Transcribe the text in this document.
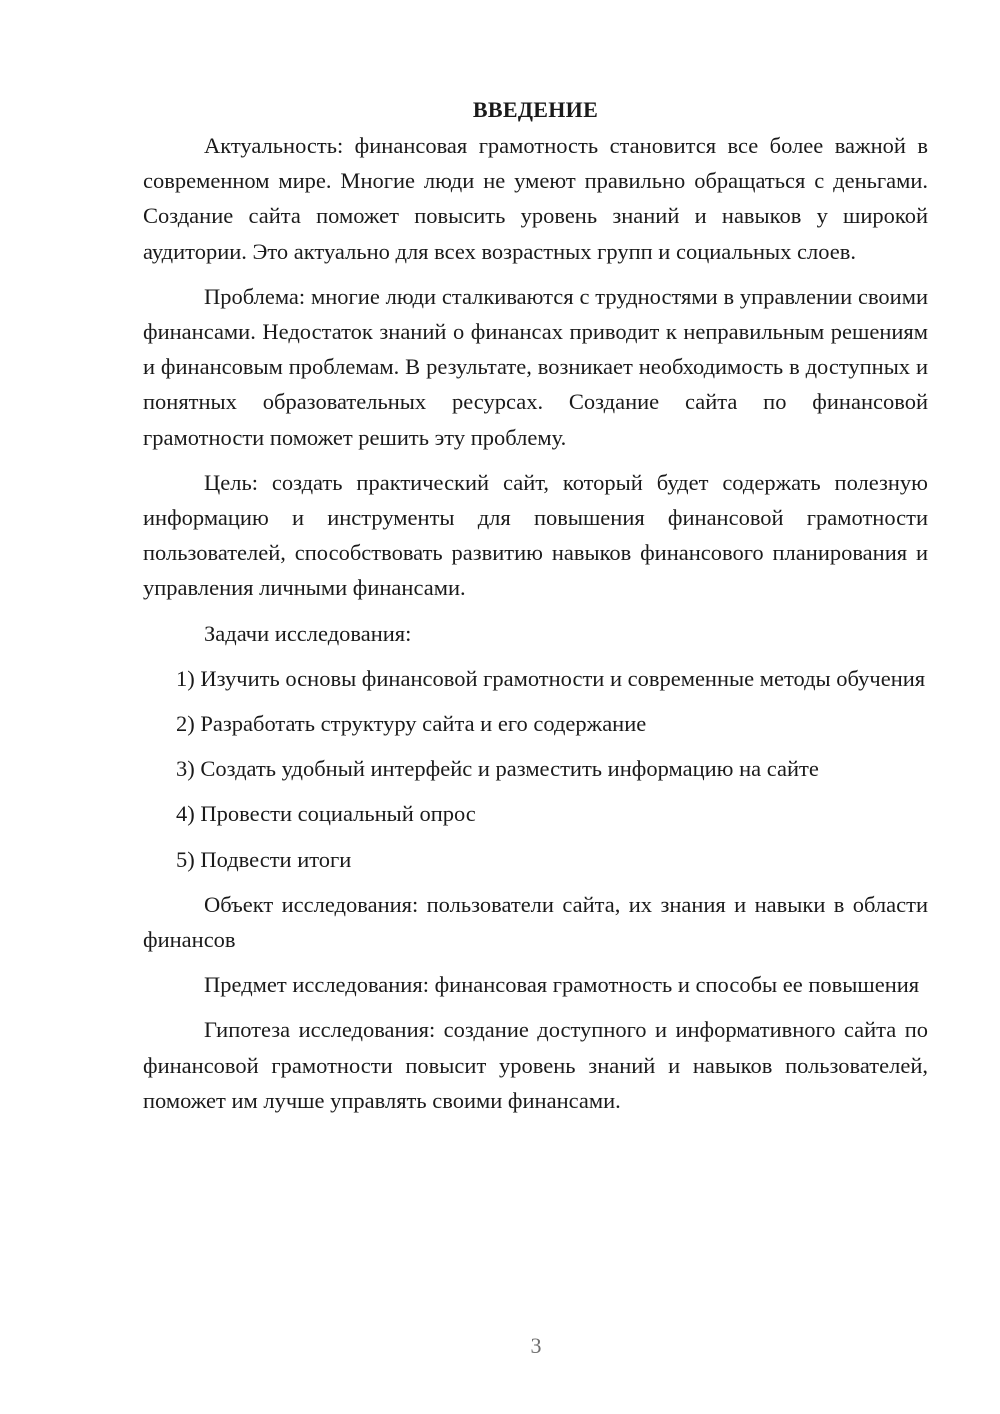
ВВЕДЕНИЕ

Актуальность: финансовая грамотность становится все более важной в современном мире. Многие люди не умеют правильно обращаться с деньгами. Создание сайта поможет повысить уровень знаний и навыков у широкой аудитории. Это актуально для всех возрастных групп и социальных слоев.

Проблема: многие люди сталкиваются с трудностями в управлении своими финансами. Недостаток знаний о финансах приводит к неправильным решениям и финансовым проблемам. В результате, возникает необходимость в доступных и понятных образовательных ресурсах. Создание сайта по финансовой грамотности поможет решить эту проблему.

Цель: создать практический сайт, который будет содержать полезную информацию и инструменты для повышения финансовой грамотности пользователей, способствовать развитию навыков финансового планирования и управления личными финансами.

Задачи исследования:

1) Изучить основы финансовой грамотности и современные методы обучения

2) Разработать структуру сайта и его содержание

3) Создать удобный интерфейс и разместить информацию на сайте

4) Провести социальный опрос

5) Подвести итоги

Объект исследования: пользователи сайта, их знания и навыки в области финансов

Предмет исследования: финансовая грамотность и способы ее повышения

Гипотеза исследования: создание доступного и информативного сайта по финансовой грамотности повысит уровень знаний и навыков пользователей, поможет им лучше управлять своими финансами.

3
